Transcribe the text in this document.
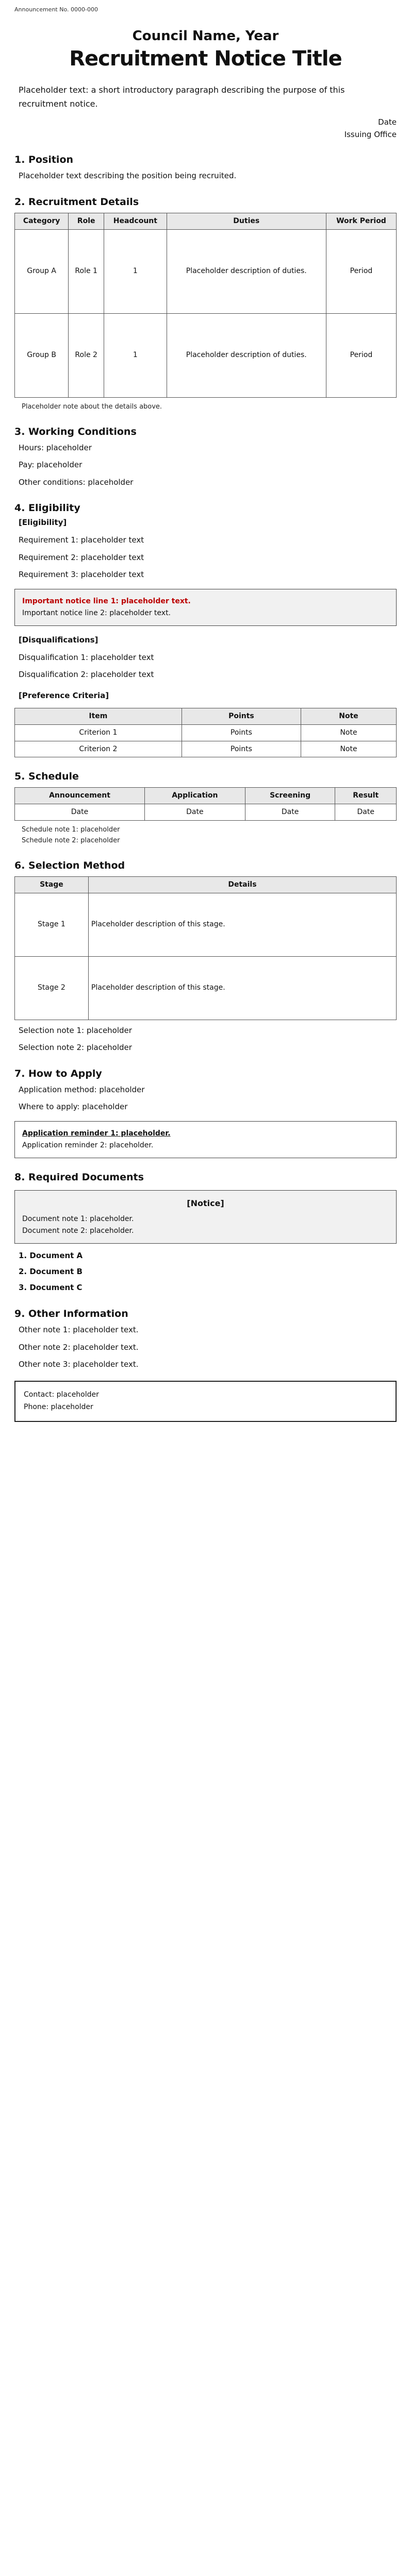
Announcement No. 0000-000
Council Name, Year
Recruitment Notice Title
Placeholder text: a short introductory paragraph describing the purpose of this recruitment notice.
Date
Issuing Office
1. Position
Placeholder text describing the position being recruited.
2. Recruitment Details
Category	Role	Headcount	Duties	Work Period
Group A	Role 1	1	Placeholder description of duties.	Period
Group B	Role 2	1	Placeholder description of duties.	Period
Placeholder note about the details above.
3. Working Conditions
Hours: placeholder
Pay: placeholder
Other conditions: placeholder
4. Eligibility
[Eligibility]
Requirement 1: placeholder text
Requirement 2: placeholder text
Requirement 3: placeholder text
Important notice line 1: placeholder text.
Important notice line 2: placeholder text.
[Disqualifications]
Disqualification 1: placeholder text
Disqualification 2: placeholder text
[Preference Criteria]
Item	Points	Note
Criterion 1	Points	Note
Criterion 2	Points	Note
5. Schedule
Announcement	Application	Screening	Result
Date	Date	Date	Date
Schedule note 1: placeholder
Schedule note 2: placeholder
6. Selection Method
Stage	Details
Stage 1	Placeholder description of this stage.
Stage 2	Placeholder description of this stage.
Selection note 1: placeholder
Selection note 2: placeholder
7. How to Apply
Application method: placeholder
Where to apply: placeholder
Application reminder 1: placeholder.
Application reminder 2: placeholder.
8. Required Documents
[Notice]
Document note 1: placeholder.
Document note 2: placeholder.
1. Document A
2. Document B
3. Document C
9. Other Information
Other note 1: placeholder text.
Other note 2: placeholder text.
Other note 3: placeholder text.
Contact: placeholder
Phone: placeholder
